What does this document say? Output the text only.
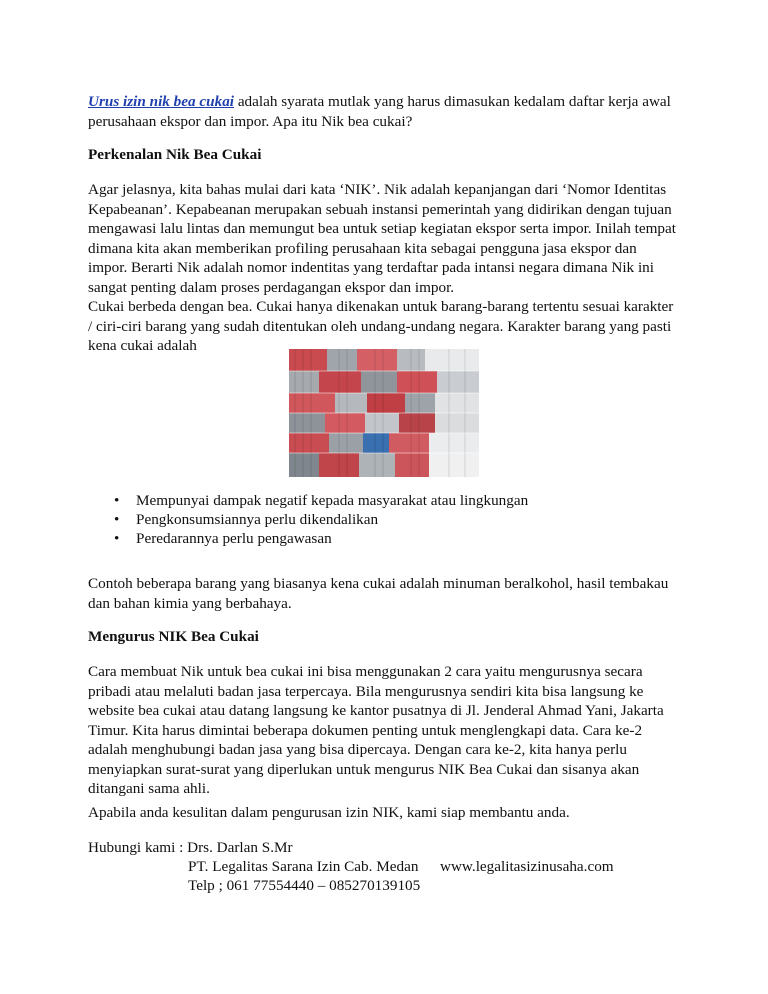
Urus izin nik bea cukai adalah syarata mutlak yang harus dimasukan kedalam daftar kerja awal
perusahaan ekspor dan impor. Apa itu Nik bea cukai?

Perkenalan Nik Bea Cukai

Agar jelasnya, kita bahas mulai dari kata ‘NIK’. Nik adalah kepanjangan dari ‘Nomor Identitas
Kepabeanan’. Kepabeanan merupakan sebuah instansi pemerintah yang didirikan dengan tujuan
mengawasi lalu lintas dan memungut bea untuk setiap kegiatan ekspor serta impor. Inilah tempat
dimana kita akan memberikan profiling perusahaan kita sebagai pengguna jasa ekspor dan
impor. Berarti Nik adalah nomor indentitas yang terdaftar pada intansi negara dimana Nik ini
sangat penting dalam proses perdagangan ekspor dan impor.

Cukai berbeda dengan bea. Cukai hanya dikenakan untuk barang-barang tertentu sesuai karakter
/ ciri-ciri barang yang sudah ditentukan oleh undang-undang negara. Karakter barang yang pasti
kena cukai adalah

• Mempunyai dampak negatif kepada masyarakat atau lingkungan
• Pengkonsumsiannya perlu dikendalikan
• Peredarannya perlu pengawasan

Contoh beberapa barang yang biasanya kena cukai adalah minuman beralkohol, hasil tembakau
dan bahan kimia yang berbahaya.

Mengurus NIK Bea Cukai

Cara membuat Nik untuk bea cukai ini bisa menggunakan 2 cara yaitu mengurusnya secara
pribadi atau melaluti badan jasa terpercaya. Bila mengurusnya sendiri kita bisa langsung ke
website bea cukai atau datang langsung ke kantor pusatnya di Jl. Jenderal Ahmad Yani, Jakarta
Timur. Kita harus dimintai beberapa dokumen penting untuk menglengkapi data. Cara ke-2
adalah menghubungi badan jasa yang bisa dipercaya. Dengan cara ke-2, kita hanya perlu
menyiapkan surat-surat yang diperlukan untuk mengurus NIK Bea Cukai dan sisanya akan
ditangani sama ahli.

Apabila anda kesulitan dalam pengurusan izin NIK, kami siap membantu anda.

Hubungi kami : Drs. Darlan S.Mr
PT. Legalitas Sarana Izin Cab. Medan www.legalitasizinusaha.com
Telp ; 061 77554440 – 085270139105
